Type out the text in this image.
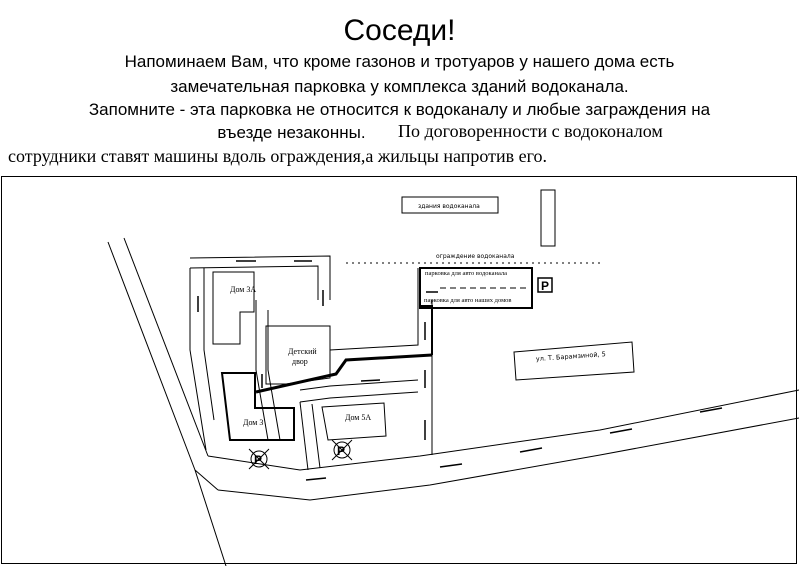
Соседи!
Напоминаем Вам, что кроме газонов и тротуаров у нашего дома есть
замечательная парковка у комплекса зданий водоканала.
Запомните - эта парковка не относится к водоканалу и любые заграждения на
въезде незаконны.	По договоренности с водоконалом
сотрудники ставят машины вдоль ограждения,а жильцы напротив его.
Дом 3А
Детский
двор
Дом 3
Дом 5А
здания водоканала
ограждение водоканала
парковка для авто водоканала
парковка для авто наших домов
P
ул. Т. Барамзиной, 5
P
P
